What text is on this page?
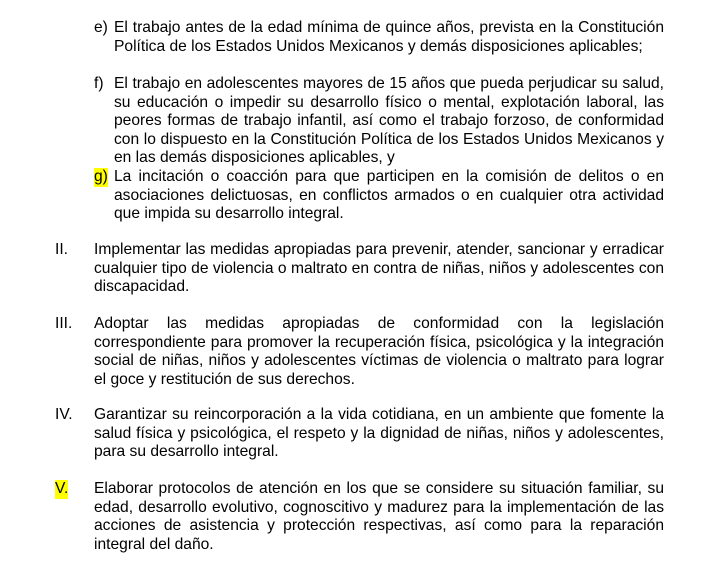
e) El trabajo antes de la edad mínima de quince años, prevista en la Constitución Política de los Estados Unidos Mexicanos y demás disposiciones aplicables;
f) El trabajo en adolescentes mayores de 15 años que pueda perjudicar su salud, su educación o impedir su desarrollo físico o mental, explotación laboral, las peores formas de trabajo infantil, así como el trabajo forzoso, de conformidad con lo dispuesto en la Constitución Política de los Estados Unidos Mexicanos y en las demás disposiciones aplicables, y
g) La incitación o coacción para que participen en la comisión de delitos o en asociaciones delictuosas, en conflictos armados o en cualquier otra actividad que impida su desarrollo integral.
II. Implementar las medidas apropiadas para prevenir, atender, sancionar y erradicar cualquier tipo de violencia o maltrato en contra de niñas, niños y adolescentes con discapacidad.
III. Adoptar las medidas apropiadas de conformidad con la legislación correspondiente para promover la recuperación física, psicológica y la integración social de niñas, niños y adolescentes víctimas de violencia o maltrato para lograr el goce y restitución de sus derechos.
IV. Garantizar su reincorporación a la vida cotidiana, en un ambiente que fomente la salud física y psicológica, el respeto y la dignidad de niñas, niños y adolescentes, para su desarrollo integral.
V. Elaborar protocolos de atención en los que se considere su situación familiar, su edad, desarrollo evolutivo, cognoscitivo y madurez para la implementación de las acciones de asistencia y protección respectivas, así como para la reparación integral del daño.
